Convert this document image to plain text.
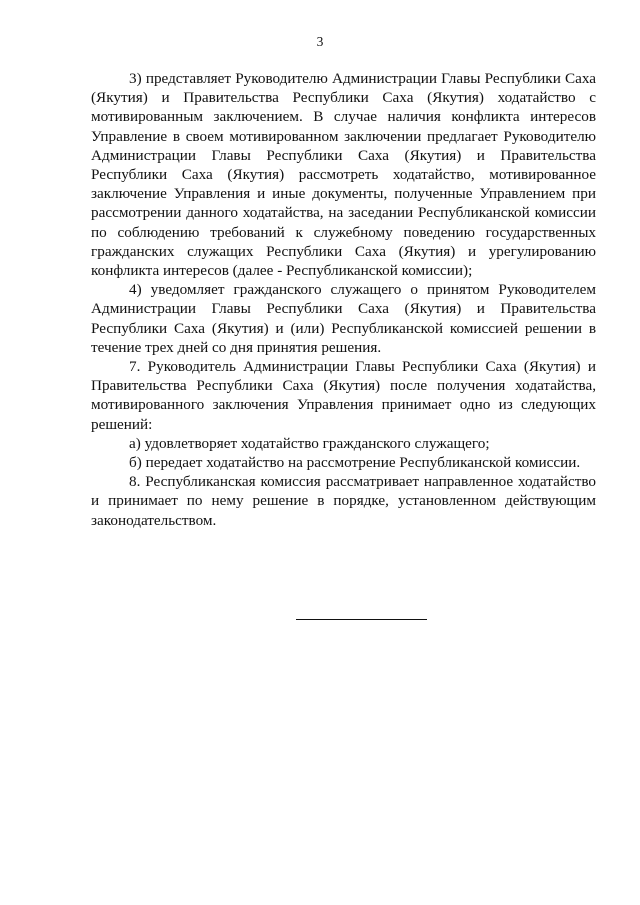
3

3) представляет Руководителю Администрации Главы Республики Саха (Якутия) и Правительства Республики Саха (Якутия) ходатайство с мотивированным заключением. В случае наличия конфликта интересов Управление в своем мотивированном заключении предлагает Руководителю Администрации Главы Республики Саха (Якутия) и Правительства Республики Саха (Якутия) рассмотреть ходатайство, мотивированное заключение Управления и иные документы, полученные Управлением при рассмотрении данного ходатайства, на заседании Республиканской комиссии по соблюдению требований к служебному поведению государственных гражданских служащих Республики Саха (Якутия) и урегулированию конфликта интересов (далее - Республиканской комиссии);

4) уведомляет гражданского служащего о принятом Руководителем Администрации Главы Республики Саха (Якутия) и Правительства Республики Саха (Якутия) и (или) Республиканской комиссией решении в течение трех дней со дня принятия решения.

7. Руководитель Администрации Главы Республики Саха (Якутия) и Правительства Республики Саха (Якутия) после получения ходатайства, мотивированного заключения Управления принимает одно из следующих решений:

а) удовлетворяет ходатайство гражданского служащего;

б) передает ходатайство на рассмотрение Республиканской комиссии.

8. Республиканская комиссия рассматривает направленное ходатайство и принимает по нему решение в порядке, установленном действующим законодательством.
